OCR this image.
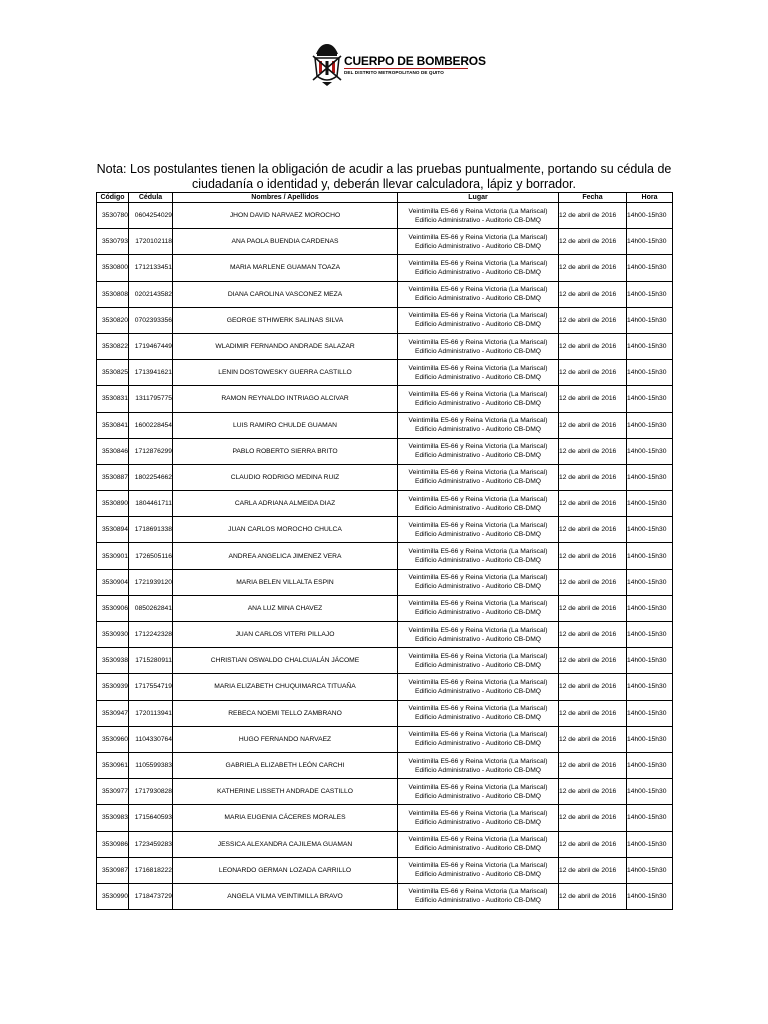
CUERPO DE BOMBEROS
DEL DISTRITO METROPOLITANO DE QUITO
Nota: Los postulantes tienen la obligación de acudir a las pruebas puntualmente, portando su cédula de ciudadanía o identidad y, deberán llevar calculadora, lápiz y borrador.
Código	Cédula	Nombres / Apellidos	Lugar	Fecha	Hora
3530780	0604254029	JHON DAVID NARVAEZ MOROCHO	Veintimilla E5-66 y Reina Victoria (La Mariscal)
Edificio Administrativo - Auditorio CB-DMQ	12 de abril de 2016	14h00-15h30
3530793	1720102118	ANA PAOLA BUENDIA CARDENAS	Veintimilla E5-66 y Reina Victoria (La Mariscal)
Edificio Administrativo - Auditorio CB-DMQ	12 de abril de 2016	14h00-15h30
3530800	1712133451	MARIA MARLENE GUAMAN TOAZA	Veintimilla E5-66 y Reina Victoria (La Mariscal)
Edificio Administrativo - Auditorio CB-DMQ	12 de abril de 2016	14h00-15h30
3530808	0202143582	DIANA CAROLINA VASCONEZ MEZA	Veintimilla E5-66 y Reina Victoria (La Mariscal)
Edificio Administrativo - Auditorio CB-DMQ	12 de abril de 2016	14h00-15h30
3530820	0702393356	GEORGE STHIWERK SALINAS SILVA	Veintimilla E5-66 y Reina Victoria (La Mariscal)
Edificio Administrativo - Auditorio CB-DMQ	12 de abril de 2016	14h00-15h30
3530822	1719467449	WLADIMIR FERNANDO ANDRADE SALAZAR	Veintimilla E5-66 y Reina Victoria (La Mariscal)
Edificio Administrativo - Auditorio CB-DMQ	12 de abril de 2016	14h00-15h30
3530825	1713941621	LENIN DOSTOWESKY GUERRA CASTILLO	Veintimilla E5-66 y Reina Victoria (La Mariscal)
Edificio Administrativo - Auditorio CB-DMQ	12 de abril de 2016	14h00-15h30
3530831	1311795775	RAMON REYNALDO INTRIAGO ALCIVAR	Veintimilla E5-66 y Reina Victoria (La Mariscal)
Edificio Administrativo - Auditorio CB-DMQ	12 de abril de 2016	14h00-15h30
3530841	1600228454	LUIS RAMIRO CHULDE GUAMAN	Veintimilla E5-66 y Reina Victoria (La Mariscal)
Edificio Administrativo - Auditorio CB-DMQ	12 de abril de 2016	14h00-15h30
3530846	1712876299	PABLO ROBERTO SIERRA BRITO	Veintimilla E5-66 y Reina Victoria (La Mariscal)
Edificio Administrativo - Auditorio CB-DMQ	12 de abril de 2016	14h00-15h30
3530887	1802254662	CLAUDIO RODRIGO MEDINA RUIZ	Veintimilla E5-66 y Reina Victoria (La Mariscal)
Edificio Administrativo - Auditorio CB-DMQ	12 de abril de 2016	14h00-15h30
3530890	1804461711	CARLA ADRIANA ALMEIDA DIAZ	Veintimilla E5-66 y Reina Victoria (La Mariscal)
Edificio Administrativo - Auditorio CB-DMQ	12 de abril de 2016	14h00-15h30
3530894	1718691338	JUAN CARLOS MOROCHO CHULCA	Veintimilla E5-66 y Reina Victoria (La Mariscal)
Edificio Administrativo - Auditorio CB-DMQ	12 de abril de 2016	14h00-15h30
3530901	1726505116	ANDREA ANGELICA JIMENEZ VERA	Veintimilla E5-66 y Reina Victoria (La Mariscal)
Edificio Administrativo - Auditorio CB-DMQ	12 de abril de 2016	14h00-15h30
3530904	1721939120	MARIA BELEN VILLALTA ESPIN	Veintimilla E5-66 y Reina Victoria (La Mariscal)
Edificio Administrativo - Auditorio CB-DMQ	12 de abril de 2016	14h00-15h30
3530906	0850262841	ANA LUZ MINA CHAVEZ	Veintimilla E5-66 y Reina Victoria (La Mariscal)
Edificio Administrativo - Auditorio CB-DMQ	12 de abril de 2016	14h00-15h30
3530930	1712242328	JUAN CARLOS VITERI PILLAJO	Veintimilla E5-66 y Reina Victoria (La Mariscal)
Edificio Administrativo - Auditorio CB-DMQ	12 de abril de 2016	14h00-15h30
3530938	1715280911	CHRISTIAN OSWALDO CHALCUALÁN JÁCOME	Veintimilla E5-66 y Reina Victoria (La Mariscal)
Edificio Administrativo - Auditorio CB-DMQ	12 de abril de 2016	14h00-15h30
3530939	1717554719	MARIA ELIZABETH CHUQUIMARCA TITUAÑA	Veintimilla E5-66 y Reina Victoria (La Mariscal)
Edificio Administrativo - Auditorio CB-DMQ	12 de abril de 2016	14h00-15h30
3530947	1720113941	REBECA NOEMI TELLO ZAMBRANO	Veintimilla E5-66 y Reina Victoria (La Mariscal)
Edificio Administrativo - Auditorio CB-DMQ	12 de abril de 2016	14h00-15h30
3530960	1104330764	HUGO FERNANDO NARVAEZ	Veintimilla E5-66 y Reina Victoria (La Mariscal)
Edificio Administrativo - Auditorio CB-DMQ	12 de abril de 2016	14h00-15h30
3530961	1105599383	GABRIELA ELIZABETH LEÓN CARCHI	Veintimilla E5-66 y Reina Victoria (La Mariscal)
Edificio Administrativo - Auditorio CB-DMQ	12 de abril de 2016	14h00-15h30
3530977	1717930828	KATHERINE LISSETH ANDRADE CASTILLO	Veintimilla E5-66 y Reina Victoria (La Mariscal)
Edificio Administrativo - Auditorio CB-DMQ	12 de abril de 2016	14h00-15h30
3530983	1715640593	MARIA EUGENIA CÁCERES MORALES	Veintimilla E5-66 y Reina Victoria (La Mariscal)
Edificio Administrativo - Auditorio CB-DMQ	12 de abril de 2016	14h00-15h30
3530986	1723459283	JESSICA ALEXANDRA CAJILEMA GUAMAN	Veintimilla E5-66 y Reina Victoria (La Mariscal)
Edificio Administrativo - Auditorio CB-DMQ	12 de abril de 2016	14h00-15h30
3530987	1716818222	LEONARDO GERMAN LOZADA CARRILLO	Veintimilla E5-66 y Reina Victoria (La Mariscal)
Edificio Administrativo - Auditorio CB-DMQ	12 de abril de 2016	14h00-15h30
3530990	1718473729	ANGELA VILMA VEINTIMILLA BRAVO	Veintimilla E5-66 y Reina Victoria (La Mariscal)
Edificio Administrativo - Auditorio CB-DMQ	12 de abril de 2016	14h00-15h30
